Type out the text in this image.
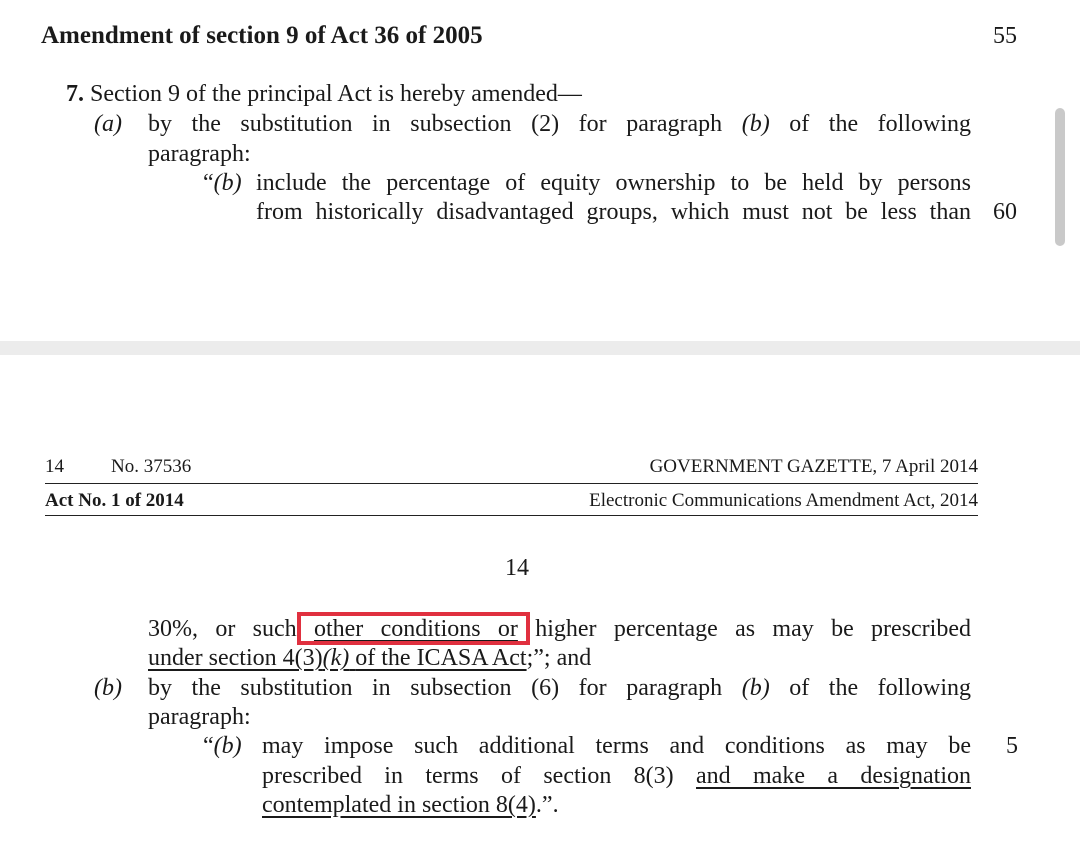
Amendment of section 9 of Act 36 of 2005	55
7. Section 9 of the principal Act is hereby amended—
(a) by the substitution in subsection (2) for paragraph (b) of the following
paragraph:
“(b) include the percentage of equity ownership to be held by persons
from historically disadvantaged groups, which must not be less than 60
14 No. 37536	GOVERNMENT GAZETTE, 7 April 2014
Act No. 1 of 2014	Electronic Communications Amendment Act, 2014
14
30%, or such other conditions or higher percentage as may be prescribed
under section 4(3)(k) of the ICASA Act;”; and
(b) by the substitution in subsection (6) for paragraph (b) of the following
paragraph:
“(b) may impose such additional terms and conditions as may be 5
prescribed in terms of section 8(3) and make a designation
contemplated in section 8(4).”.
